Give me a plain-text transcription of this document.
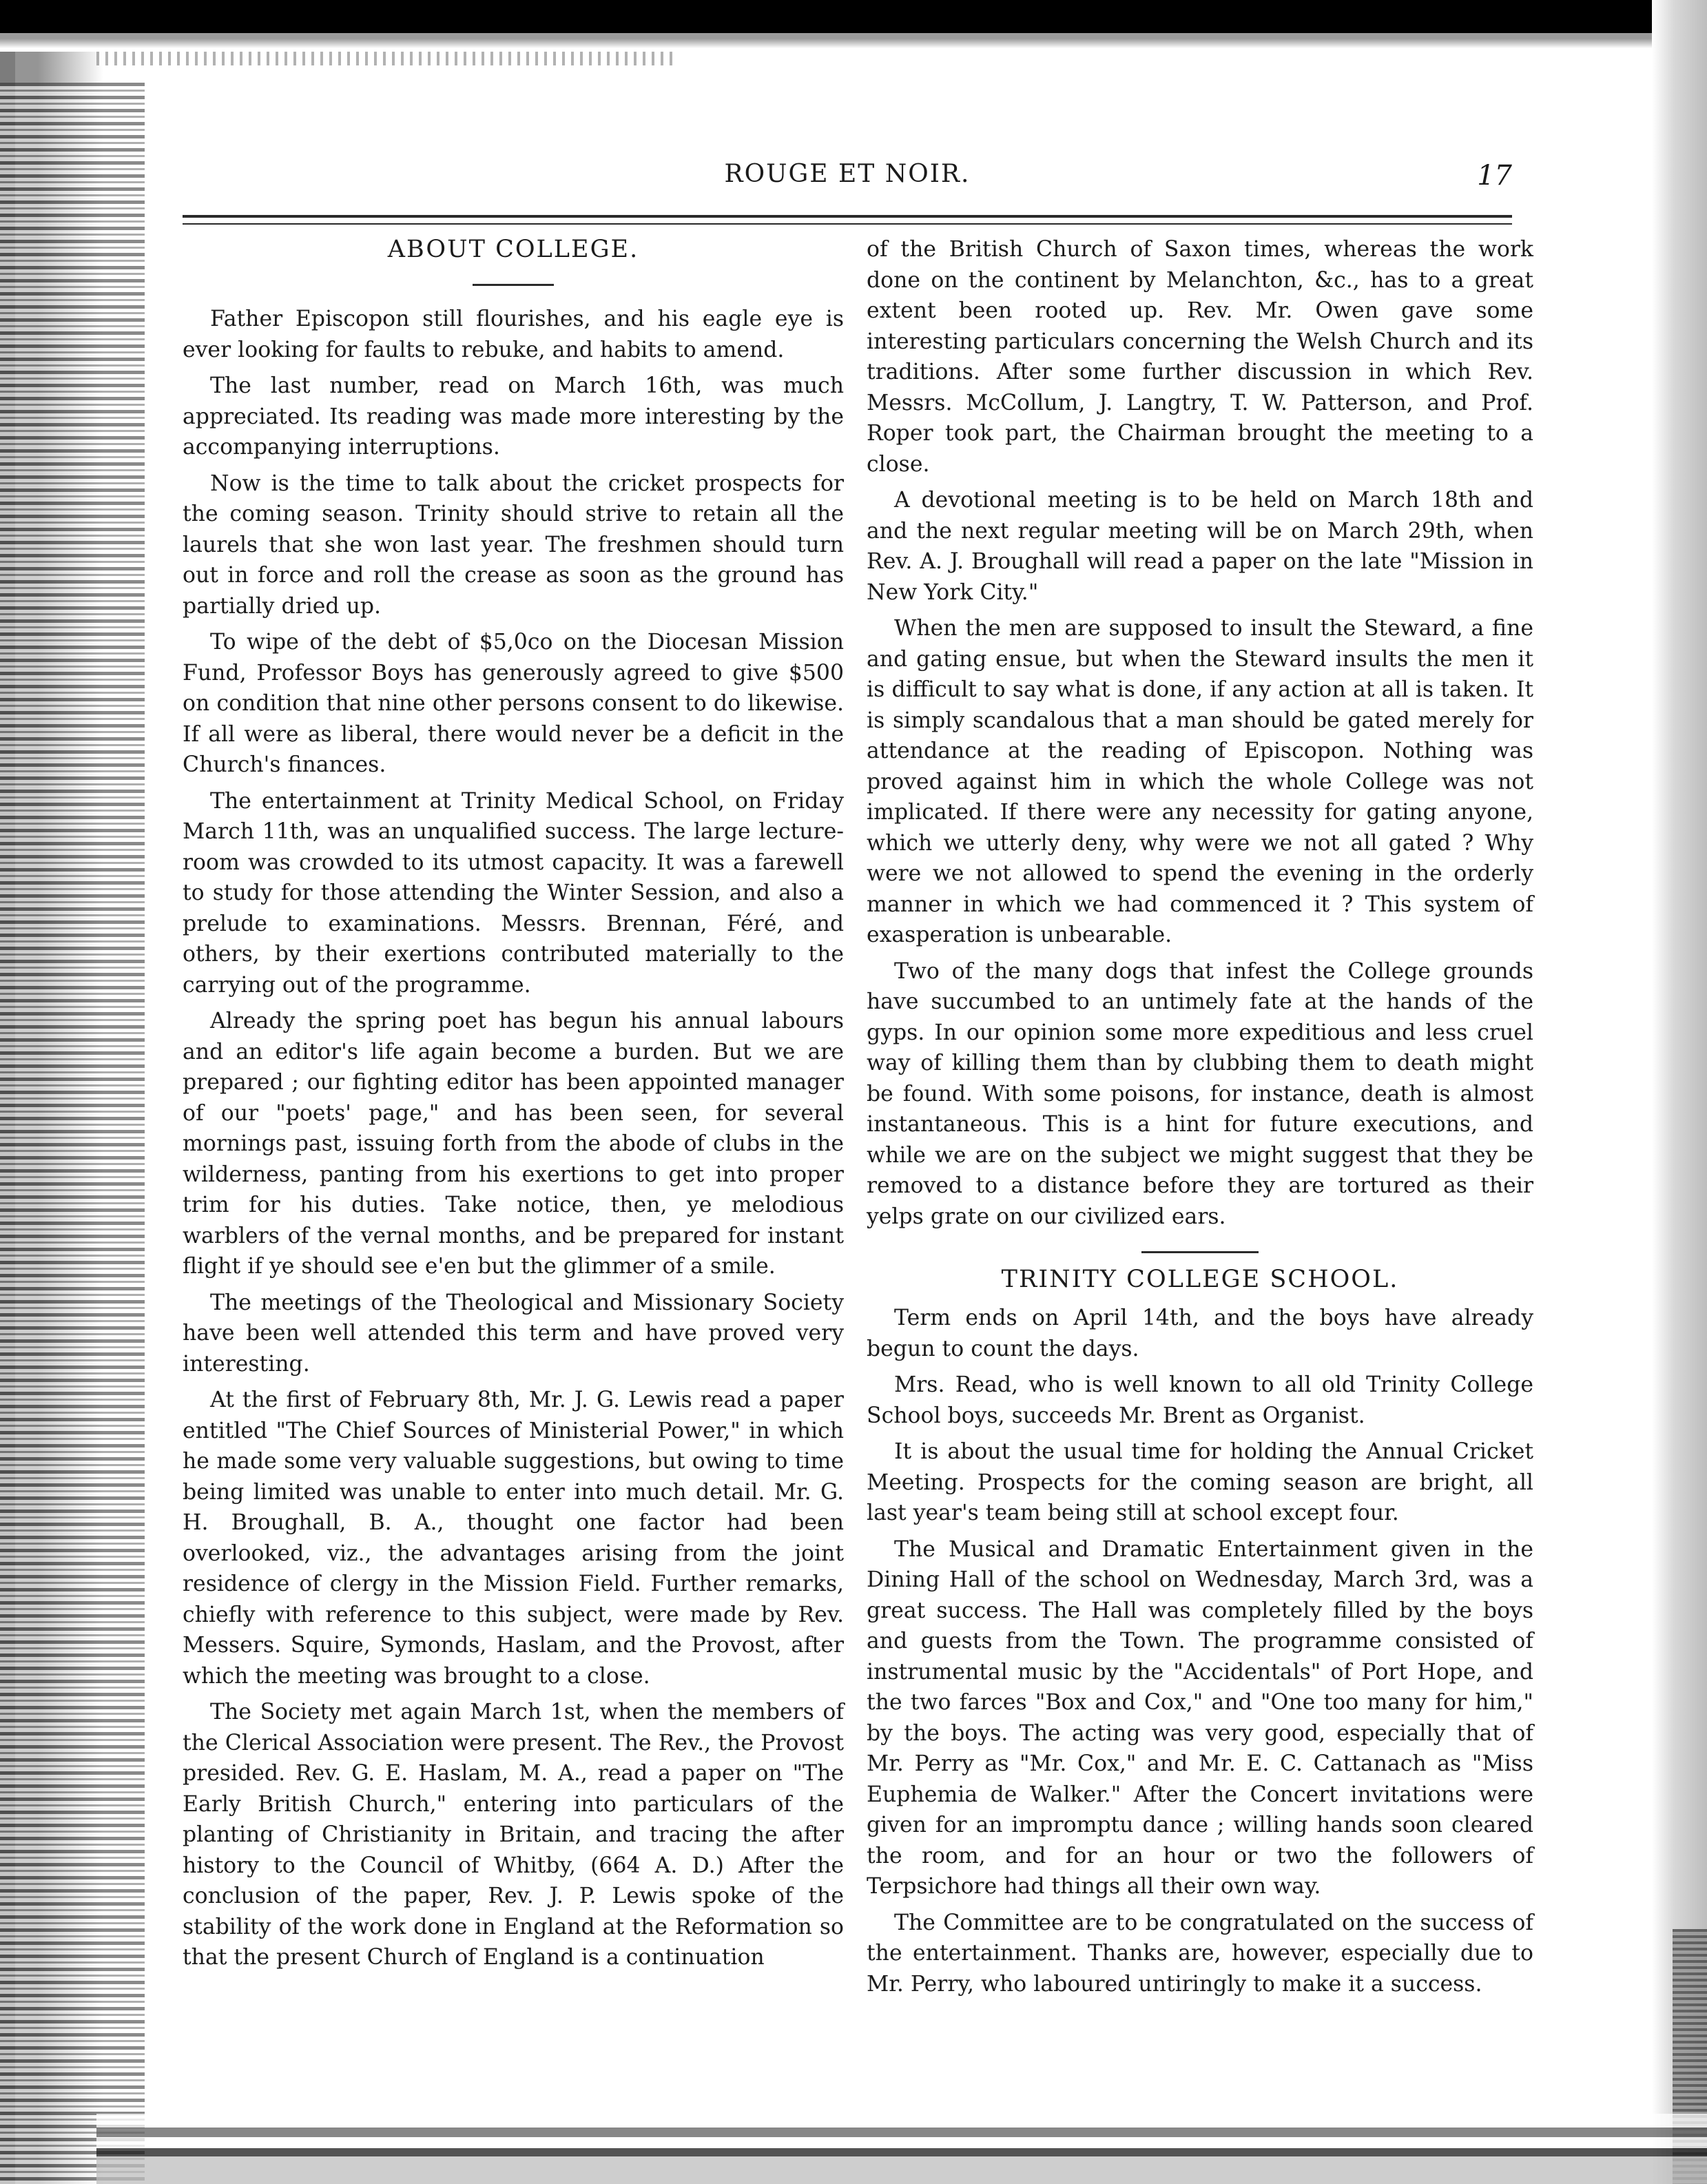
ROUGE ET NOIR.	17
ABOUT COLLEGE.

Father Episcopon still flourishes, and his eagle eye is ever looking for faults to rebuke, and habits to amend.

The last number, read on March 16th, was much appreciated. Its reading was made more interesting by the accompanying interruptions.

Now is the time to talk about the cricket prospects for the coming season. Trinity should strive to retain all the laurels that she won last year. The freshmen should turn out in force and roll the crease as soon as the ground has partially dried up.

To wipe of the debt of $5,0co on the Diocesan Mission Fund, Professor Boys has generously agreed to give $500 on condition that nine other persons consent to do likewise. If all were as liberal, there would never be a deficit in the Church's finances.

The entertainment at Trinity Medical School, on Friday March 11th, was an unqualified success. The large lecture-room was crowded to its utmost capacity. It was a farewell to study for those attending the Winter Session, and also a prelude to examinations. Messrs. Brennan, Féré, and others, by their exertions contributed materially to the carrying out of the programme.

Already the spring poet has begun his annual labours and an editor's life again become a burden. But we are prepared ; our fighting editor has been appointed manager of our "poets' page," and has been seen, for several mornings past, issuing forth from the abode of clubs in the wilderness, panting from his exertions to get into proper trim for his duties. Take notice, then, ye melodious warblers of the vernal months, and be prepared for instant flight if ye should see e'en but the glimmer of a smile.

The meetings of the Theological and Missionary Society have been well attended this term and have proved very interesting.

At the first of February 8th, Mr. J. G. Lewis read a paper entitled "The Chief Sources of Ministerial Power," in which he made some very valuable suggestions, but owing to time being limited was unable to enter into much detail. Mr. G. H. Broughall, B. A., thought one factor had been overlooked, viz., the advantages arising from the joint residence of clergy in the Mission Field. Further remarks, chiefly with reference to this subject, were made by Rev. Messers. Squire, Symonds, Haslam, and the Provost, after which the meeting was brought to a close.

The Society met again March 1st, when the members of the Clerical Association were present. The Rev., the Provost presided. Rev. G. E. Haslam, M. A., read a paper on "The Early British Church," entering into particulars of the planting of Christianity in Britain, and tracing the after history to the Council of Whitby, (664 A. D.) After the conclusion of the paper, Rev. J. P. Lewis spoke of the stability of the work done in England at the Reformation so that the present Church of England is a continuation

of the British Church of Saxon times, whereas the work done on the continent by Melanchton, &c., has to a great extent been rooted up. Rev. Mr. Owen gave some interesting particulars concerning the Welsh Church and its traditions. After some further discussion in which Rev. Messrs. McCollum, J. Langtry, T. W. Patterson, and Prof. Roper took part, the Chairman brought the meeting to a close.

A devotional meeting is to be held on March 18th and and the next regular meeting will be on March 29th, when Rev. A. J. Broughall will read a paper on the late "Mission in New York City."

When the men are supposed to insult the Steward, a fine and gating ensue, but when the Steward insults the men it is difficult to say what is done, if any action at all is taken. It is simply scandalous that a man should be gated merely for attendance at the reading of Episcopon. Nothing was proved against him in which the whole College was not implicated. If there were any necessity for gating anyone, which we utterly deny, why were we not all gated ? Why were we not allowed to spend the evening in the orderly manner in which we had commenced it ? This system of exasperation is unbearable.

Two of the many dogs that infest the College grounds have succumbed to an untimely fate at the hands of the gyps. In our opinion some more expeditious and less cruel way of killing them than by clubbing them to death might be found. With some poisons, for instance, death is almost instantaneous. This is a hint for future executions, and while we are on the subject we might suggest that they be removed to a distance before they are tortured as their yelps grate on our civilized ears.

TRINITY COLLEGE SCHOOL.

Term ends on April 14th, and the boys have already begun to count the days.

Mrs. Read, who is well known to all old Trinity College School boys, succeeds Mr. Brent as Organist.

It is about the usual time for holding the Annual Cricket Meeting. Prospects for the coming season are bright, all last year's team being still at school except four.

The Musical and Dramatic Entertainment given in the Dining Hall of the school on Wednesday, March 3rd, was a great success. The Hall was completely filled by the boys and guests from the Town. The programme consisted of instrumental music by the "Accidentals" of Port Hope, and the two farces "Box and Cox," and "One too many for him," by the boys. The acting was very good, especially that of Mr. Perry as "Mr. Cox," and Mr. E. C. Cattanach as "Miss Euphemia de Walker." After the Concert invitations were given for an impromptu dance ; willing hands soon cleared the room, and for an hour or two the followers of Terpsichore had things all their own way.

The Committee are to be congratulated on the success of the entertainment. Thanks are, however, especially due to Mr. Perry, who laboured untiringly to make it a success.
